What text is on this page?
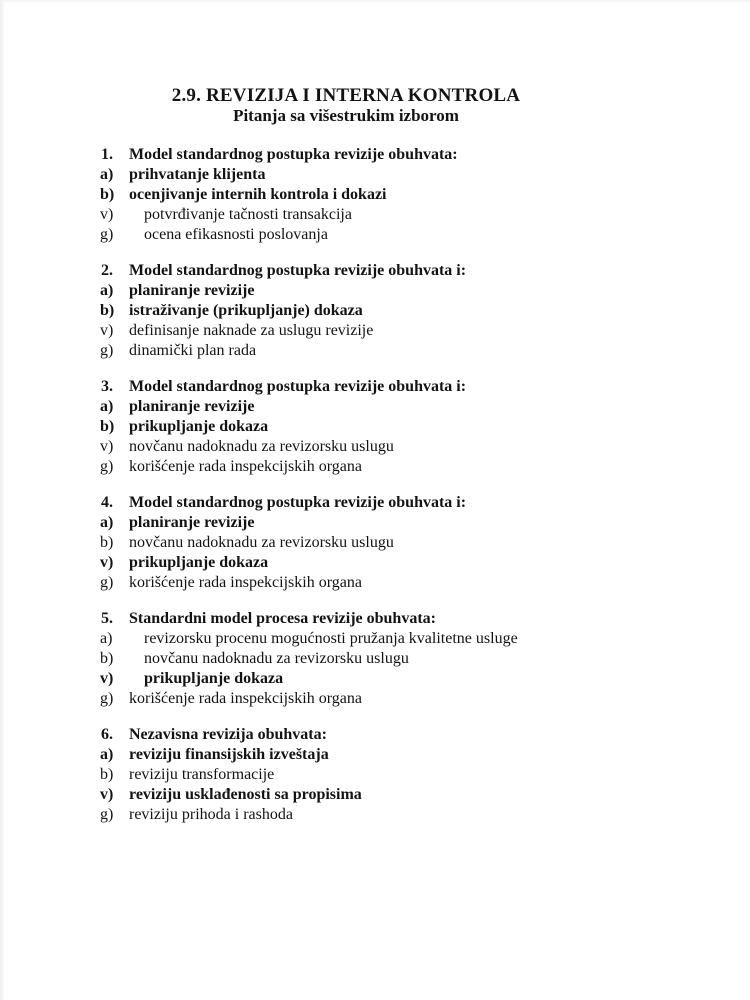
2.9. REVIZIJA I INTERNA KONTROLA
Pitanja sa višestrukim izborom
1.	Model standardnog postupka revizije obuhvata:
a) prihvatanje klijenta
b) ocenjivanje internih kontrola i dokazi
v)	potvrđivanje tačnosti transakcija
g)	ocena efikasnosti poslovanja
2.	Model standardnog postupka revizije obuhvata i:
a) planiranje revizije
b) istraživanje (prikupljanje) dokaza
v) definisanje naknade za uslugu revizije
g) dinamički plan rada
3.	Model standardnog postupka revizije obuhvata i:
a) planiranje revizije
b) prikupljanje dokaza
v) novčanu nadoknadu za revizorsku uslugu
g) korišćenje rada inspekcijskih organa
4.	Model standardnog postupka revizije obuhvata i:
a) planiranje revizije
b) novčanu nadoknadu za revizorsku uslugu
v) prikupljanje dokaza
g) korišćenje rada inspekcijskih organa
5.	Standardni model procesa revizije obuhvata:
a)	revizorsku procenu mogućnosti pružanja kvalitetne usluge
b)	novčanu nadoknadu za revizorsku uslugu
v)	prikupljanje dokaza
g) korišćenje rada inspekcijskih organa
6.	Nezavisna revizija obuhvata:
a) reviziju finansijskih izveštaja
b) reviziju transformacije
v) reviziju usklađenosti sa propisima
g) reviziju prihoda i rashoda
